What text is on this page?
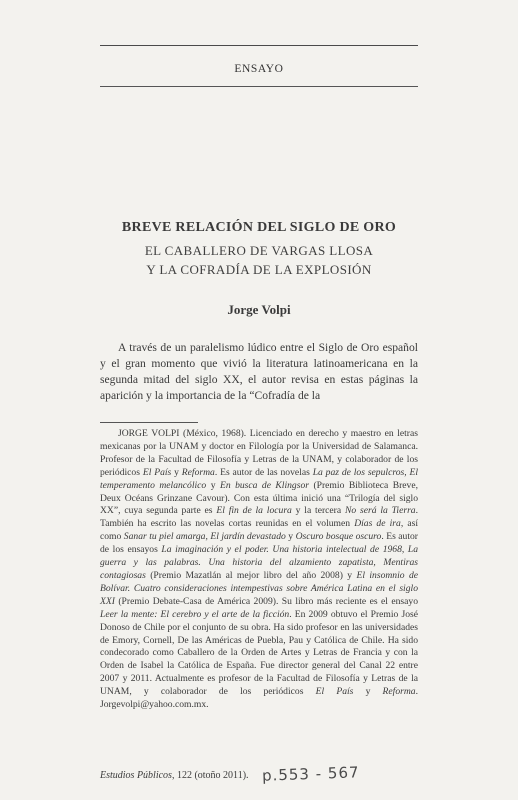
ENSAYO
BREVE RELACIÓN DEL SIGLO DE ORO
EL CABALLERO DE VARGAS LLOSA
Y LA COFRADÍA DE LA EXPLOSIÓN
Jorge Volpi

A través de un paralelismo lúdico entre el Siglo de Oro español y el gran momento que vivió la literatura latinoamericana en la segunda mitad del siglo XX, el autor revisa en estas páginas la aparición y la importancia de la “Cofradía de la

JORGE VOLPI (México, 1968). Licenciado en derecho y maestro en letras mexicanas por la UNAM y doctor en Filología por la Universidad de Salamanca. Profesor de la Facultad de Filosofía y Letras de la UNAM, y colaborador de los periódicos El País y Reforma. Es autor de las novelas La paz de los sepulcros, El temperamento melancólico y En busca de Klingsor (Premio Biblioteca Breve, Deux Océans Grinzane Cavour). Con esta última inició una “Trilogía del siglo XX”, cuya segunda parte es El fin de la locura y la tercera No será la Tierra. También ha escrito las novelas cortas reunidas en el volumen Días de ira, así como Sanar tu piel amarga, El jardín devastado y Oscuro bosque oscuro. Es autor de los ensayos La imaginación y el poder. Una historia intelectual de 1968, La guerra y las palabras. Una historia del alzamiento zapatista, Mentiras contagiosas (Premio Mazatlán al mejor libro del año 2008) y El insomnio de Bolívar. Cuatro consideraciones intempestivas sobre América Latina en el siglo XXI (Premio Debate-Casa de América 2009). Su libro más reciente es el ensayo Leer la mente: El cerebro y el arte de la ficción. En 2009 obtuvo el Premio José Donoso de Chile por el conjunto de su obra. Ha sido profesor en las universidades de Emory, Cornell, De las Américas de Puebla, Pau y Católica de Chile. Ha sido condecorado como Caballero de la Orden de Artes y Letras de Francia y con la Orden de Isabel la Católica de España. Fue director general del Canal 22 entre 2007 y 2011. Actualmente es profesor de la Facultad de Filosofía y Letras de la UNAM, y colaborador de los periódicos El País y Reforma. Jorgevolpi@yahoo.com.mx.

Estudios Públicos, 122 (otoño 2011). p.553 - 567
